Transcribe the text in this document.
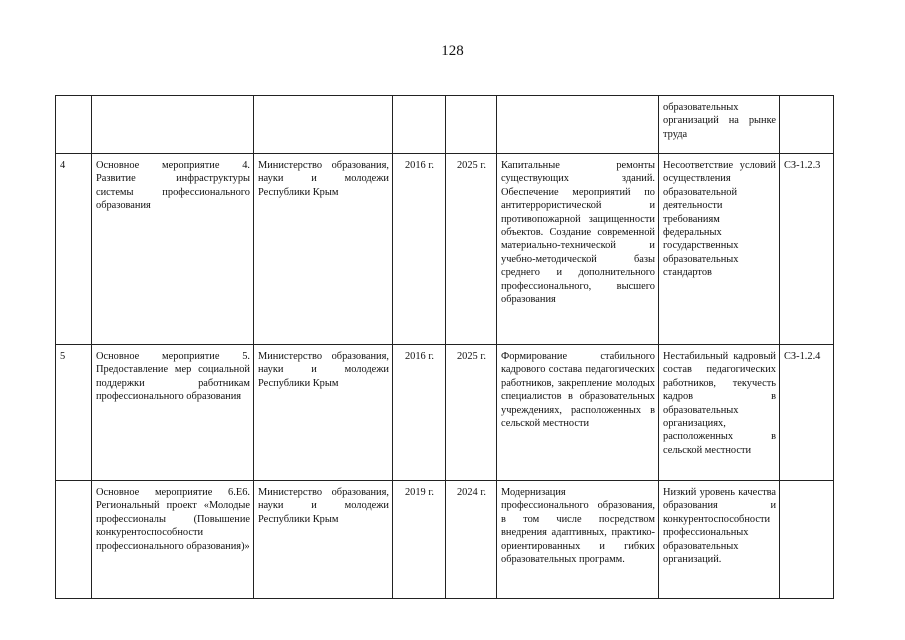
128
						образовательных организаций на рынке труда	
4	Основное мероприятие 4. Развитие инфраструктуры системы профессионального образования	Министерство образования, науки и молодежи Республики Крым	2016 г.	2025 г.	Капитальные ремонты существующих зданий. Обеспечение мероприятий по антитеррористической и противопожарной защищенности объектов. Создание современной материально-технической и учебно-методической базы среднего и дополнительного профессионального, высшего образования	Несоответствие условий осуществления образовательной деятельности требованиям федеральных государственных образовательных стандартов	СЗ-1.2.3
5	Основное мероприятие 5. Предоставление мер социальной поддержки работникам профессионального образования	Министерство образования, науки и молодежи Республики Крым	2016 г.	2025 г.	Формирование стабильного кадрового состава педагогических работников, закрепление молодых специалистов в образовательных учреждениях, расположенных в сельской местности	Нестабильный кадровый состав педагогических работников, текучесть кадров в образовательных организациях, расположенных в сельской местности	СЗ-1.2.4
	Основное мероприятие 6.Е6. Региональный проект «Молодые профессионалы (Повышение конкурентоспособности профессионального образования)»	Министерство образования, науки и молодежи Республики Крым	2019 г.	2024 г.	Модернизация профессионального образования, в том числе посредством внедрения адаптивных, практико-ориентированных и гибких образовательных программ.	Низкий уровень качества образования и конкурентоспособности профессиональных образовательных организаций.	
